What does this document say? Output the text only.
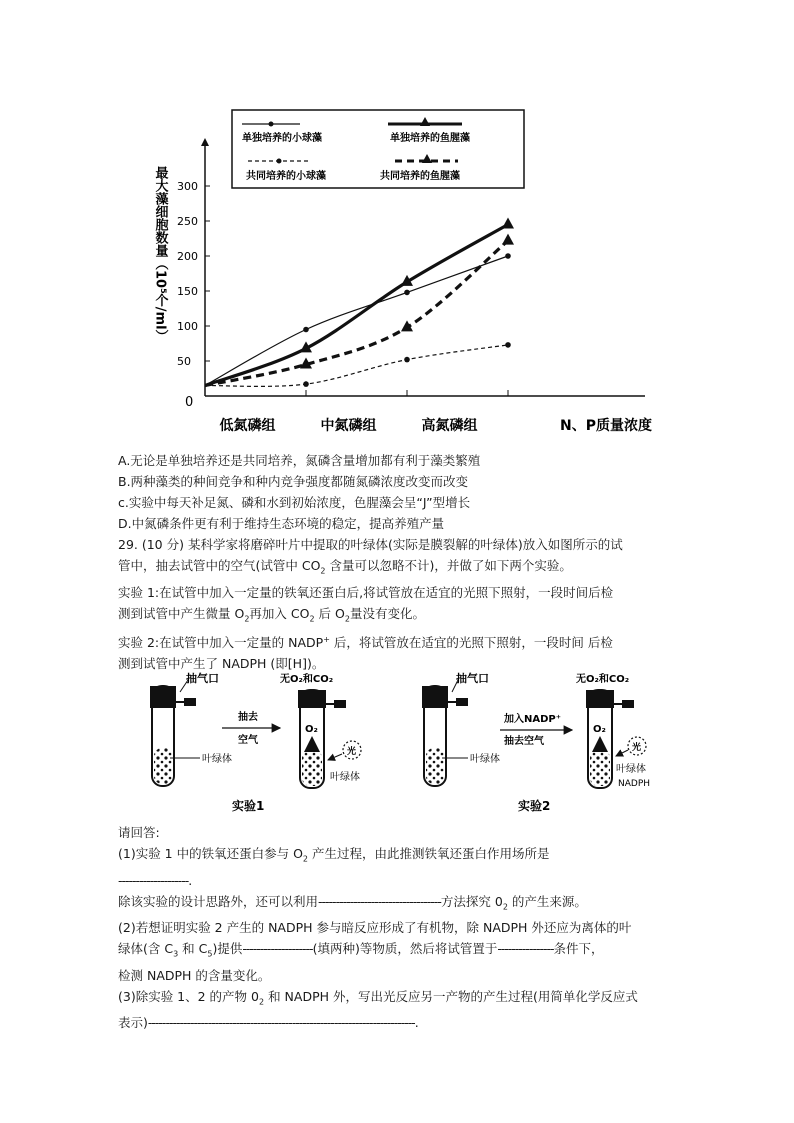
单独培养的小球藻	单独培养的鱼腥藻
共同培养的小球藻	共同培养的鱼腥藻
最大藻细胞数量（10⁵个/ml）
0
50
100
150
200
250
300
低氮磷组	中氮磷组	高氮磷组	N、P质量浓度

A.无论是单独培养还是共同培养，氮磷含量增加都有利于藻类繁殖

B.两种藻类的种间竞争和种内竞争强度都随氮磷浓度改变而改变

c.实验中每天补足氮、磷和水到初始浓度，色腥藻会呈“J”型增长

D.中氮磷条件更有利于维持生态环境的稳定，提高养殖产量

29. (10 分) 某科学家将磨碎叶片中提取的叶绿体(实际是膜裂解的叶绿体)放入如图所示的试

管中，抽去试管中的空气(试管中 $CO_2$ 含量可以忽略不计)，并做了如下两个实验。

实验 1:在试管中加入一定量的铁氧还蛋白后,将试管放在适宜的光照下照射，一段时间后检

测到试管中产生微量 $O_2$再加入 $CO_2$ 后 $O_2$量没有变化。

实验 2:在试管中加入一定量的 NADP+ 后，将试管放在适宜的光照下照射，一段时间 后检

测到试管中产生了 NADPH (即[H])。

抽气口
叶绿体
抽去
空气
无O₂和CO₂
O₂
光
叶绿体
抽气口
叶绿体
加入NADP⁺
抽去空气
无O₂和CO₂
O₂
光
叶绿体
NADPH
实验1	实验2

请回答:

(1)实验 1 中的铁氧还蛋白参与 $O_2$ 产生过程，由此推测铁氧还蛋白作用场所是

--------------------.

除该实验的设计思路外，还可以利用-----------------------------------方法探究 $0_2$ 的产生来源。

(2)若想证明实验 2 产生的 NADPH 参与暗反应形成了有机物，除 NADPH 外还应为离体的叶

绿体(含 $C_3$ 和 $C_5$)提供--------------------(填两种)等物质，然后将试管置于----------------条件下，

检测 NADPH 的含量变化。

(3)除实验 1、2 的产物 $0_2$ 和 NADPH 外，写出光反应另一产物的产生过程(用简单化学反应式

表示)----------------------------------------------------------------------------.
